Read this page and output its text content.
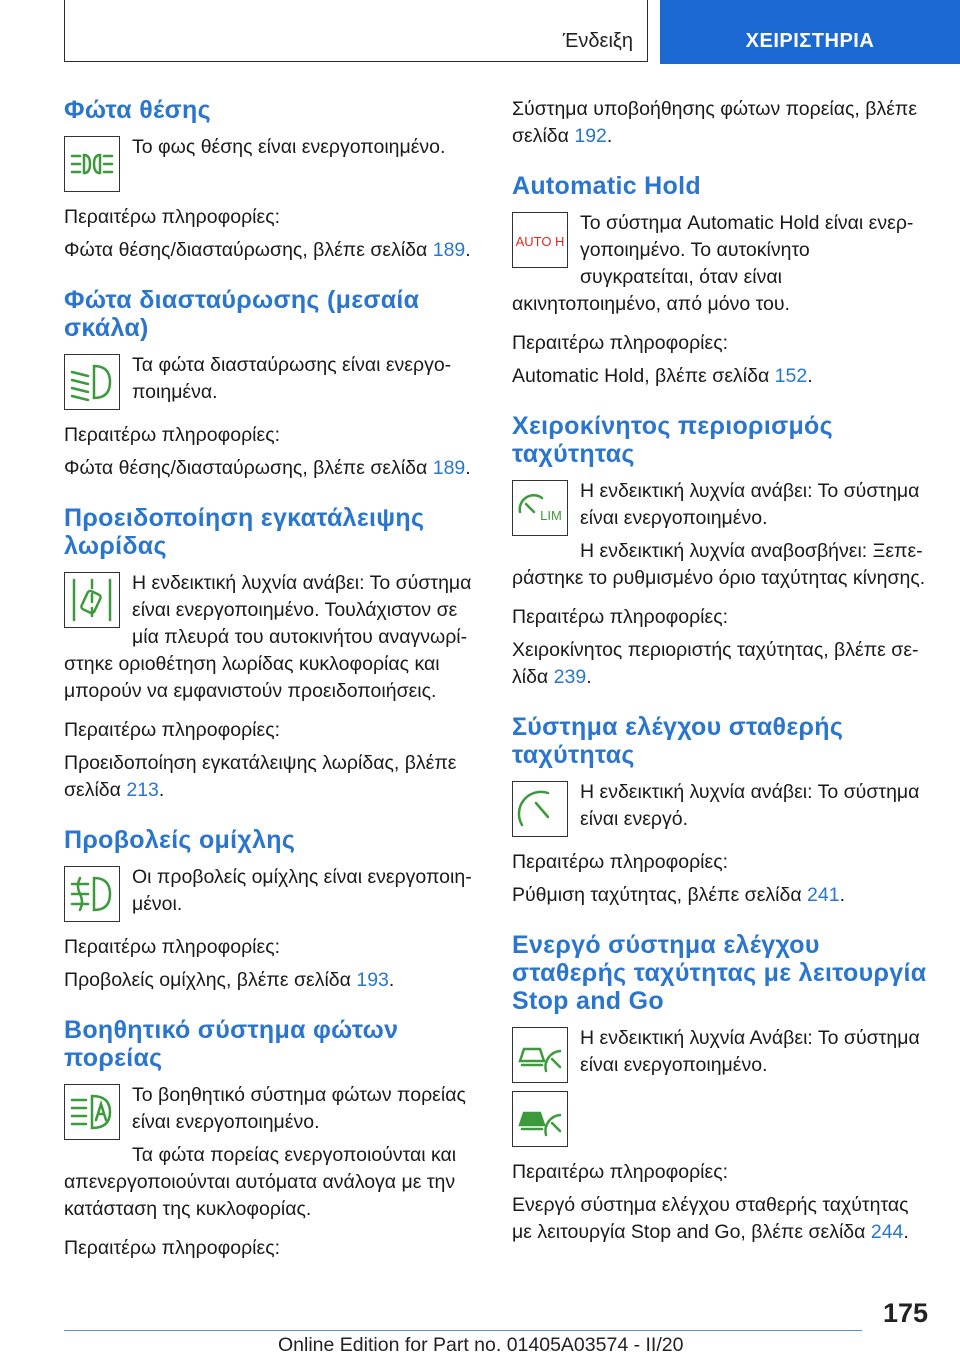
Ένδειξη	ΧΕΙΡΙΣΤΗΡΙΑ
Φώτα θέσης

Το φως θέσης είναι ενεργοποιημένο.

Περαιτέρω πληροφορίες:

Φώτα θέσης/διασταύρωσης, βλέπε σελίδα 189.

Φώτα διασταύρωσης (μεσαία σκάλα)

Τα φώτα διασταύρωσης είναι ενεργοποιημένα.

Περαιτέρω πληροφορίες:

Φώτα θέσης/διασταύρωσης, βλέπε σελίδα 189.

Προειδοποίηση εγκατάλειψης λωρίδας

Η ενδεικτική λυχνία ανάβει: Το σύστημα είναι ενεργοποιημένο. Τουλάχιστον σε μία πλευρά του αυτοκινήτου αναγνωρίστηκε οριοθέτηση λωρίδας κυκλοφορίας και μπορούν να εμφανιστούν προειδοποιήσεις.

Περαιτέρω πληροφορίες:

Προειδοποίηση εγκατάλειψης λωρίδας, βλέπε σελίδα 213.

Προβολείς ομίχλης

Οι προβολείς ομίχλης είναι ενεργοποιημένοι.

Περαιτέρω πληροφορίες:

Προβολείς ομίχλης, βλέπε σελίδα 193.

Βοηθητικό σύστημα φώτων πορείας

Το βοηθητικό σύστημα φώτων πορείας είναι ενεργοποιημένο.

Τα φώτα πορείας ενεργοποιούνται και απενεργοποιούνται αυτόματα ανάλογα με την κατάσταση της κυκλοφορίας.

Περαιτέρω πληροφορίες:

Σύστημα υποβοήθησης φώτων πορείας, βλέπε σελίδα 192.

Automatic Hold
AUTO H

Το σύστημα Automatic Hold είναι ενεργοποιημένο. Το αυτοκίνητο συγκρατείται, όταν είναι ακινητοποιημένο, από μόνο του.

Περαιτέρω πληροφορίες:

Automatic Hold, βλέπε σελίδα 152.

Χειροκίνητος περιορισμός ταχύτητας
LIM

Η ενδεικτική λυχνία ανάβει: Το σύστημα είναι ενεργοποιημένο.

Η ενδεικτική λυχνία αναβοσβήνει: Ξεπεράστηκε το ρυθμισμένο όριο ταχύτητας κίνησης.

Περαιτέρω πληροφορίες:

Χειροκίνητος περιοριστής ταχύτητας, βλέπε σελίδα 239.

Σύστημα ελέγχου σταθερής ταχύτητας

Η ενδεικτική λυχνία ανάβει: Το σύστημα είναι ενεργό.

Περαιτέρω πληροφορίες:

Ρύθμιση ταχύτητας, βλέπε σελίδα 241.

Ενεργό σύστημα ελέγχου σταθερής ταχύτητας με λειτουργία Stop and Go

Η ενδεικτική λυχνία Ανάβει: Το σύστημα είναι ενεργοποιημένο.

Περαιτέρω πληροφορίες:

Ενεργό σύστημα ελέγχου σταθερής ταχύτητας με λειτουργία Stop and Go, βλέπε σελίδα 244.

175
Online Edition for Part no. 01405A03574 - II/20
